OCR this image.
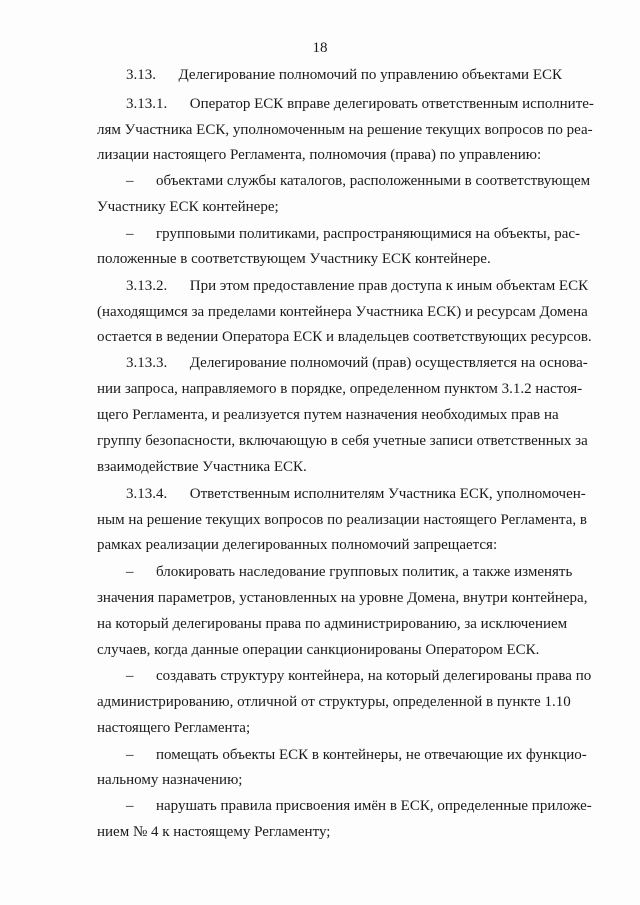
18
3.13.      Делегирование полномочий по управлению объектами ЕСК
3.13.1.      Оператор ЕСК вправе делегировать ответственным исполните-
лям Участника ЕСК, уполномоченным на решение текущих вопросов по реа-
лизации настоящего Регламента, полномочия (права) по управлению:
–      объектами службы каталогов, расположенными в соответствующем
Участнику ЕСК контейнере;
–      групповыми политиками, распространяющимися на объекты, рас-
положенные в соответствующем Участнику ЕСК контейнере.
3.13.2.      При этом предоставление прав доступа к иным объектам ЕСК
(находящимся за пределами контейнера Участника ЕСК) и ресурсам Домена
остается в ведении Оператора ЕСК и владельцев соответствующих ресурсов.
3.13.3.      Делегирование полномочий (прав) осуществляется на основа-
нии запроса, направляемого в порядке, определенном пунктом 3.1.2 настоя-
щего Регламента, и реализуется путем назначения необходимых прав на
группу безопасности, включающую в себя учетные записи ответственных за
взаимодействие Участника ЕСК.
3.13.4.      Ответственным исполнителям Участника ЕСК, уполномочен-
ным на решение текущих вопросов по реализации настоящего Регламента, в
рамках реализации делегированных полномочий запрещается:
–      блокировать наследование групповых политик, а также изменять
значения параметров, установленных на уровне Домена, внутри контейнера,
на который делегированы права по администрированию, за исключением
случаев, когда данные операции санкционированы Оператором ЕСК.
–      создавать структуру контейнера, на который делегированы права по
администрированию, отличной от структуры, определенной в пункте 1.10
настоящего Регламента;
–      помещать объекты ЕСК в контейнеры, не отвечающие их функцио-
нальному назначению;
–      нарушать правила присвоения имён в ЕСК, определенные приложе-
нием № 4 к настоящему Регламенту;
